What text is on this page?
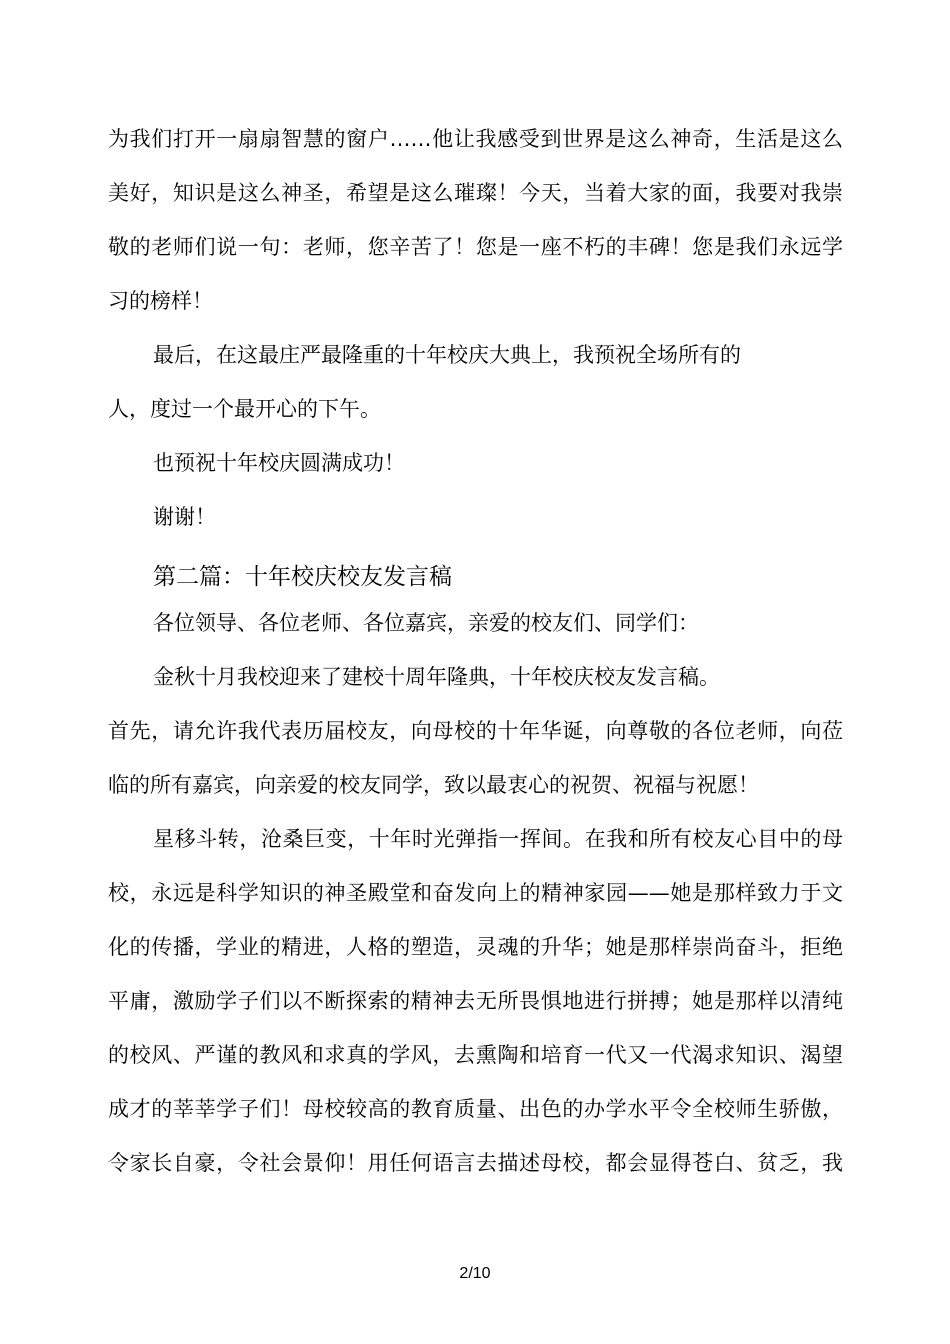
为我们打开一扇扇智慧的窗户……他让我感受到世界是这么神奇，生活是这么
美好，知识是这么神圣，希望是这么璀璨！今天，当着大家的面，我要对我崇
敬的老师们说一句：老师，您辛苦了！您是一座不朽的丰碑！您是我们永远学
习的榜样！
最后，在这最庄严最隆重的十年校庆大典上，我预祝全场所有的
人，度过一个最开心的下午。
也预祝十年校庆圆满成功！
谢谢！
第二篇：十年校庆校友发言稿
各位领导、各位老师、各位嘉宾，亲爱的校友们、同学们：
金秋十月我校迎来了建校十周年隆典，十年校庆校友发言稿。
首先，请允许我代表历届校友，向母校的十年华诞，向尊敬的各位老师，向莅
临的所有嘉宾，向亲爱的校友同学，致以最衷心的祝贺、祝福与祝愿！
星移斗转，沧桑巨变，十年时光弹指一挥间。在我和所有校友心目中的母
校，永远是科学知识的神圣殿堂和奋发向上的精神家园——她是那样致力于文
化的传播，学业的精进，人格的塑造，灵魂的升华；她是那样崇尚奋斗，拒绝
平庸，激励学子们以不断探索的精神去无所畏惧地进行拼搏；她是那样以清纯
的校风、严谨的教风和求真的学风，去熏陶和培育一代又一代渴求知识、渴望
成才的莘莘学子们！母校较高的教育质量、出色的办学水平令全校师生骄傲，
令家长自豪，令社会景仰！用任何语言去描述母校，都会显得苍白、贫乏，我
2/10
